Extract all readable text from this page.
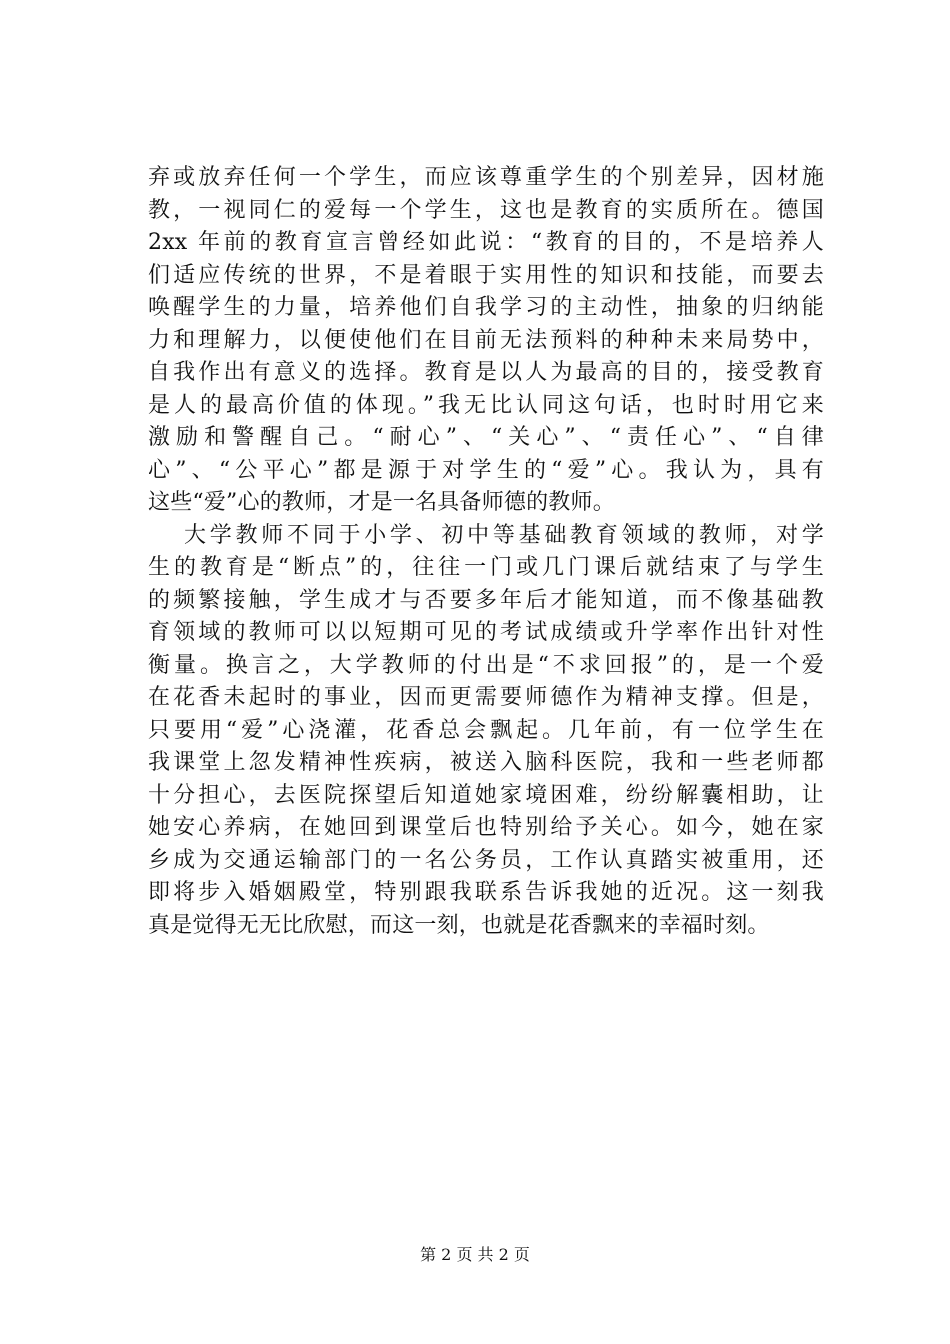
弃或放弃任何一个学生，而应该尊重学生的个别差异，因材施
教，一视同仁的爱每一个学生，这也是教育的实质所在。德国
2xx 年前的教育宣言曾经如此说：“教育的目的，不是培养人
们适应传统的世界，不是着眼于实用性的知识和技能，而要去
唤醒学生的力量，培养他们自我学习的主动性，抽象的归纳能
力和理解力，以便使他们在目前无法预料的种种未来局势中，
自我作出有意义的选择。教育是以人为最高的目的，接受教育
是人的最高价值的体现。”我无比认同这句话，也时时用它来
激励和警醒自己。“耐心”、“关心”、“责任心”、“自律
心”、“公平心”都是源于对学生的“爱”心。我认为，具有
这些“爱”心的教师，才是一名具备师德的教师。
大学教师不同于小学、初中等基础教育领域的教师，对学
生的教育是“断点”的，往往一门或几门课后就结束了与学生
的频繁接触，学生成才与否要多年后才能知道，而不像基础教
育领域的教师可以以短期可见的考试成绩或升学率作出针对性
衡量。换言之，大学教师的付出是“不求回报”的，是一个爱
在花香未起时的事业，因而更需要师德作为精神支撑。但是，
只要用“爱”心浇灌，花香总会飘起。几年前，有一位学生在
我课堂上忽发精神性疾病，被送入脑科医院，我和一些老师都
十分担心，去医院探望后知道她家境困难，纷纷解囊相助，让
她安心养病，在她回到课堂后也特别给予关心。如今，她在家
乡成为交通运输部门的一名公务员，工作认真踏实被重用，还
即将步入婚姻殿堂，特别跟我联系告诉我她的近况。这一刻我
真是觉得无无比欣慰，而这一刻，也就是花香飘来的幸福时刻。
第 2 页 共 2 页
